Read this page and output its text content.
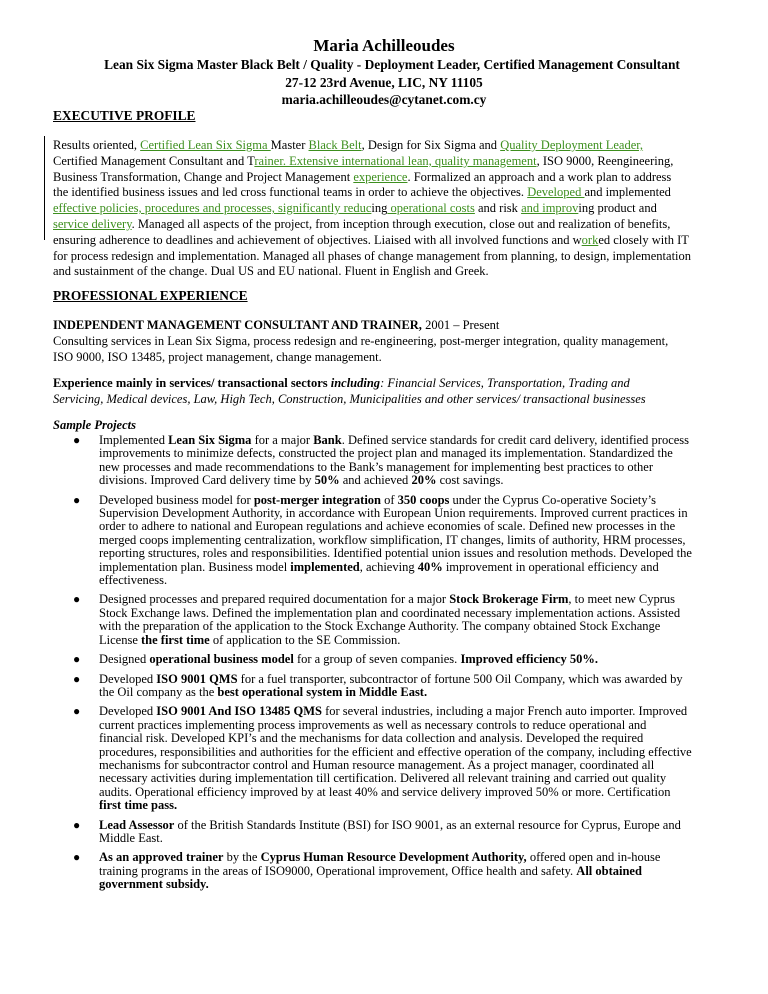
Maria Achilleoudes
Lean Six Sigma Master Black Belt / Quality - Deployment Leader, Certified Management Consultant
27-12 23rd Avenue, LIC, NY 11105
maria.achilleoudes@cytanet.com.cy
EXECUTIVE PROFILE
Results oriented, Certified Lean Six Sigma Master Black Belt, Design for Six Sigma and Quality Deployment Leader,
Certified Management Consultant and Trainer. Extensive international lean, quality management, ISO 9000, Reengineering,
Business Transformation, Change and Project Management experience. Formalized an approach and a work plan to address
the identified business issues and led cross functional teams in order to achieve the objectives. Developed and implemented
effective policies, procedures and processes, significantly reducing operational costs and risk and improving product and
service delivery. Managed all aspects of the project, from inception through execution, close out and realization of benefits,
ensuring adherence to deadlines and achievement of objectives. Liaised with all involved functions and worked closely with IT
for process redesign and implementation. Managed all phases of change management from planning, to design, implementation
and sustainment of the change. Dual US and EU national. Fluent in English and Greek.
PROFESSIONAL EXPERIENCE
INDEPENDENT MANAGEMENT CONSULTANT AND TRAINER, 2001 – Present
Consulting services in Lean Six Sigma, process redesign and re-engineering, post-merger integration, quality management,
ISO 9000, ISO 13485, project management, change management.
Experience mainly in services/ transactional sectors including: Financial Services, Transportation, Trading and
Servicing, Medical devices, Law, High Tech, Construction, Municipalities and other services/ transactional businesses
Sample Projects
● Implemented Lean Six Sigma for a major Bank. Defined service standards for credit card delivery, identified process
improvements to minimize defects, constructed the project plan and managed its implementation. Standardized the
new processes and made recommendations to the Bank’s management for implementing best practices to other
divisions. Improved Card delivery time by 50% and achieved 20% cost savings.
● Developed business model for post-merger integration of 350 coops under the Cyprus Co-operative Society’s
Supervision Development Authority, in accordance with European Union requirements. Improved current practices in
order to adhere to national and European regulations and achieve economies of scale. Defined new processes in the
merged coops implementing centralization, workflow simplification, IT changes, limits of authority, HRM processes,
reporting structures, roles and responsibilities. Identified potential union issues and resolution methods. Developed the
implementation plan. Business model implemented, achieving 40% improvement in operational efficiency and
effectiveness.
● Designed processes and prepared required documentation for a major Stock Brokerage Firm, to meet new Cyprus
Stock Exchange laws. Defined the implementation plan and coordinated necessary implementation actions. Assisted
with the preparation of the application to the Stock Exchange Authority. The company obtained Stock Exchange
License the first time of application to the SE Commission.
● Designed operational business model for a group of seven companies. Improved efficiency 50%.
● Developed ISO 9001 QMS for a fuel transporter, subcontractor of fortune 500 Oil Company, which was awarded by
the Oil company as the best operational system in Middle East.
● Developed ISO 9001 And ISO 13485 QMS for several industries, including a major French auto importer. Improved
current practices implementing process improvements as well as necessary controls to reduce operational and
financial risk. Developed KPI’s and the mechanisms for data collection and analysis. Developed the required
procedures, responsibilities and authorities for the efficient and effective operation of the company, including effective
mechanisms for subcontractor control and Human resource management. As a project manager, coordinated all
necessary activities during implementation till certification. Delivered all relevant training and carried out quality
audits. Operational efficiency improved by at least 40% and service delivery improved 50% or more. Certification
first time pass.
● Lead Assessor of the British Standards Institute (BSI) for ISO 9001, as an external resource for Cyprus, Europe and
Middle East.
● As an approved trainer by the Cyprus Human Resource Development Authority, offered open and in-house
training programs in the areas of ISO9000, Operational improvement, Office health and safety. All obtained
government subsidy.
